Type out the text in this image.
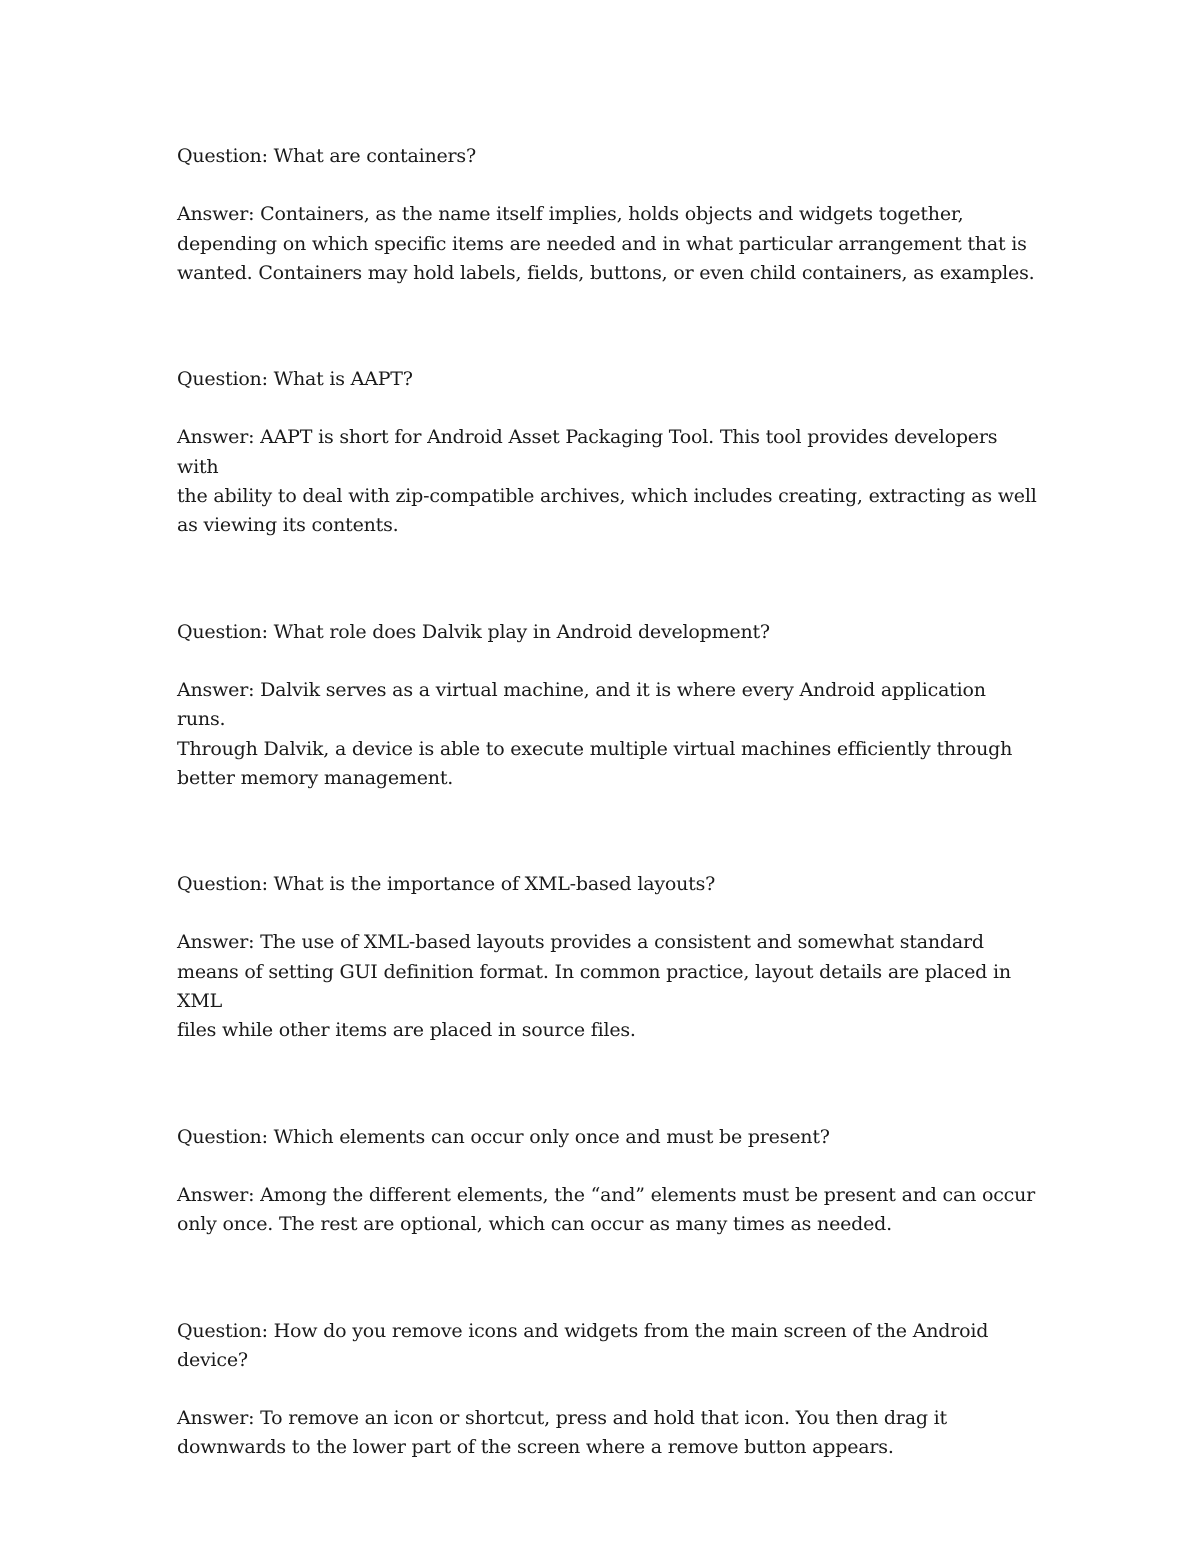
Question: What are containers?

Answer: Containers, as the name itself implies, holds objects and widgets together,
depending on which specific items are needed and in what particular arrangement that is
wanted. Containers may hold labels, fields, buttons, or even child containers, as examples.

Question: What is AAPT?

Answer: AAPT is short for Android Asset Packaging Tool. This tool provides developers with
the ability to deal with zip-compatible archives, which includes creating, extracting as well
as viewing its contents.

Question: What role does Dalvik play in Android development?

Answer: Dalvik serves as a virtual machine, and it is where every Android application runs.
Through Dalvik, a device is able to execute multiple virtual machines efficiently through
better memory management.

Question: What is the importance of XML-based layouts?

Answer: The use of XML-based layouts provides a consistent and somewhat standard
means of setting GUI definition format. In common practice, layout details are placed in XML
files while other items are placed in source files.

Question: Which elements can occur only once and must be present?

Answer: Among the different elements, the “and” elements must be present and can occur
only once. The rest are optional, which can occur as many times as needed.

Question: How do you remove icons and widgets from the main screen of the Android
device?

Answer: To remove an icon or shortcut, press and hold that icon. You then drag it
downwards to the lower part of the screen where a remove button appears.
